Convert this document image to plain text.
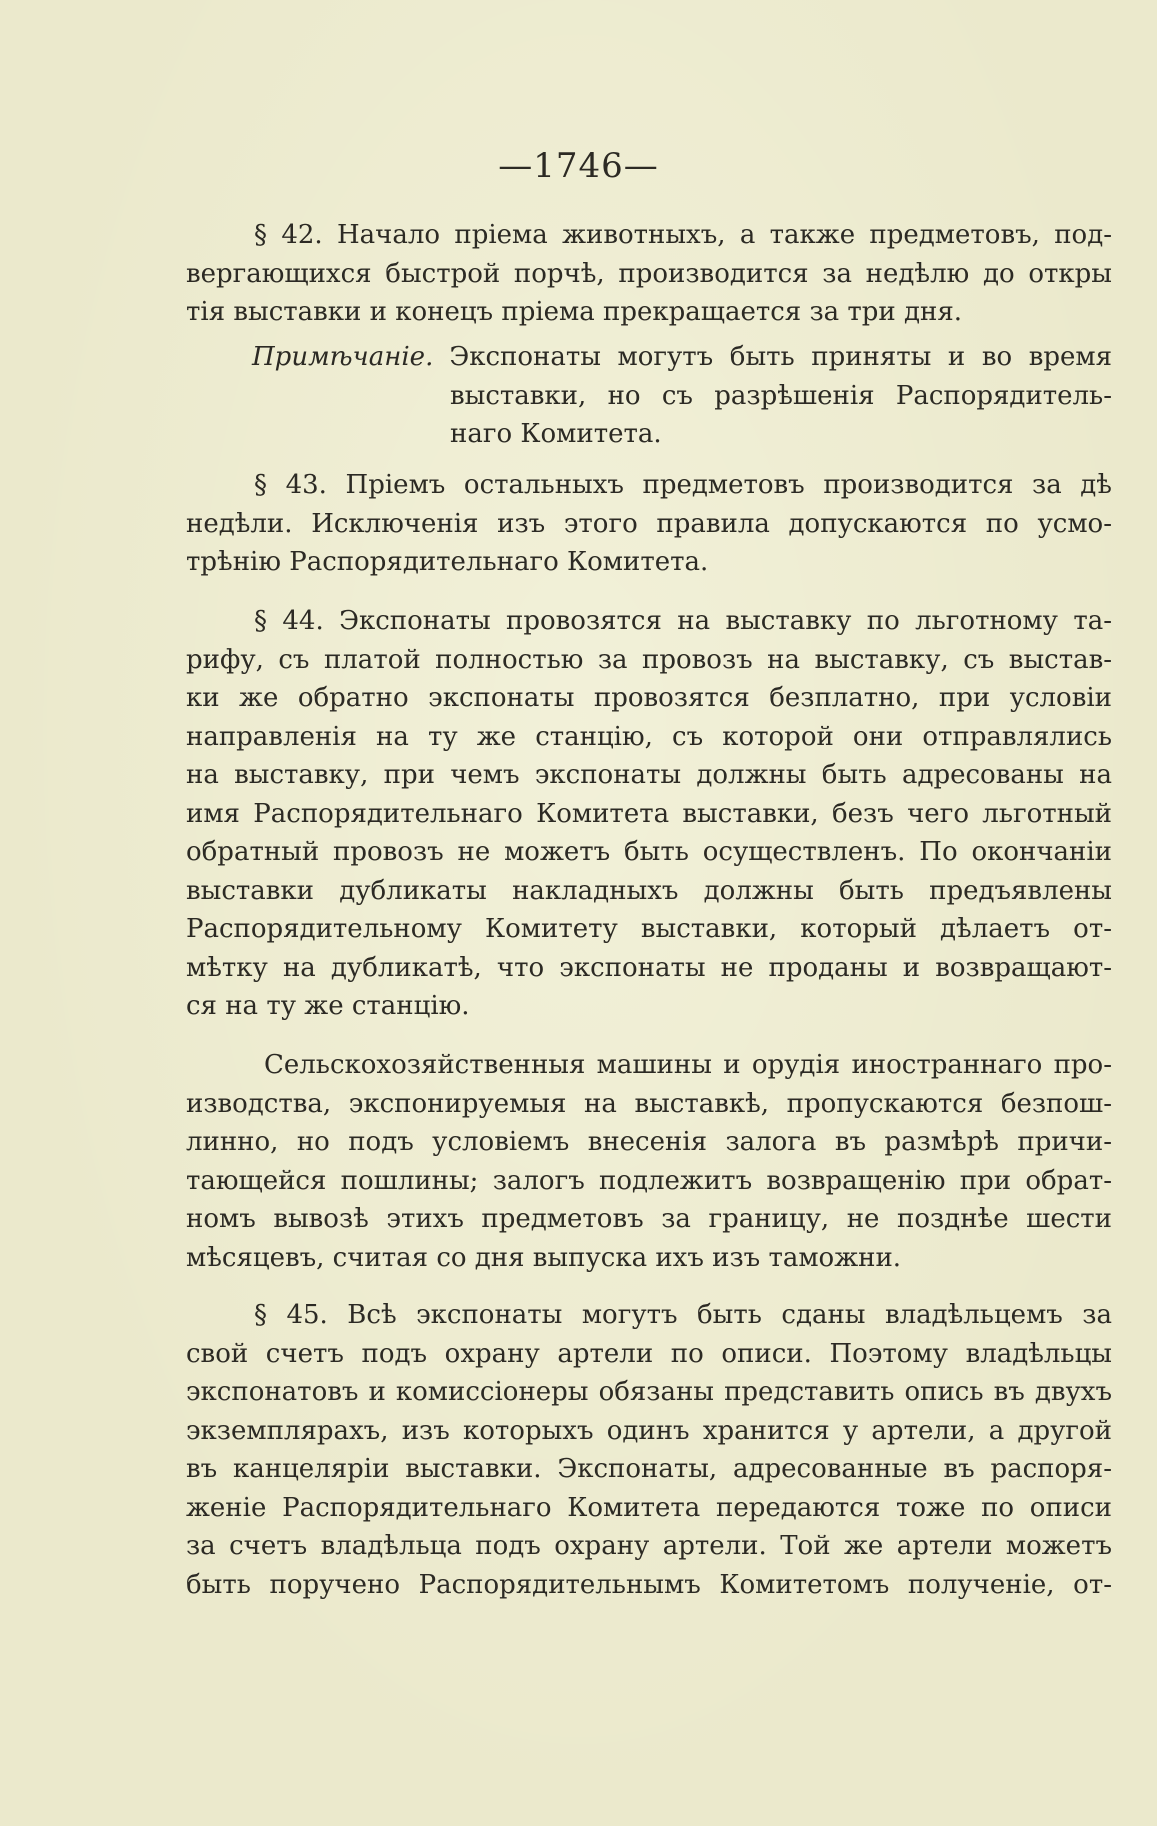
—1746—
§ 42. Начало пріема животныхъ, а также предметовъ, под-
вергающихся быстрой порчѣ, производится за недѣлю до откры
тія выставки и конецъ пріема прекращается за три дня.
Примѣчаніе. Экспонаты могутъ быть приняты и во время
выставки, но съ разрѣшенія Распорядитель-
наго Комитета.
§ 43. Пріемъ остальныхъ предметовъ производится за дѣ
недѣли. Исключенія изъ этого правила допускаются по усмо-
трѣнію Распорядительнаго Комитета.
§ 44. Экспонаты провозятся на выставку по льготному та-
рифу, съ платой полностью за провозъ на выставку, съ выстав-
ки же обратно экспонаты провозятся безплатно, при условіи
направленія на ту же станцію, съ которой они отправлялись
на выставку, при чемъ экспонаты должны быть адресованы на
имя Распорядительнаго Комитета выставки, безъ чего льготный
обратный провозъ не можетъ быть осуществленъ. По окончаніи
выставки дубликаты накладныхъ должны быть предъявлены
Распорядительному Комитету выставки, который дѣлаетъ от-
мѣтку на дубликатѣ, что экспонаты не проданы и возвращают-
ся на ту же станцію.
Сельскохозяйственныя машины и орудія иностраннаго про-
изводства, экспонируемыя на выставкѣ, пропускаются безпош-
линно, но подъ условіемъ внесенія залога въ размѣрѣ причи-
тающейся пошлины; залогъ подлежитъ возвращенію при обрат-
номъ вывозѣ этихъ предметовъ за границу, не позднѣе шести
мѣсяцевъ, считая со дня выпуска ихъ изъ таможни.
§ 45. Всѣ экспонаты могутъ быть сданы владѣльцемъ за
свой счетъ подъ охрану артели по описи. Поэтому владѣльцы
экспонатовъ и комиссіонеры обязаны представить опись въ двухъ
экземплярахъ, изъ которыхъ одинъ хранится у артели, а другой
въ канцеляріи выставки. Экспонаты, адресованные въ распоря-
женіе Распорядительнаго Комитета передаются тоже по описи
за счетъ владѣльца подъ охрану артели. Той же артели можетъ
быть поручено Распорядительнымъ Комитетомъ полученіе, от-
